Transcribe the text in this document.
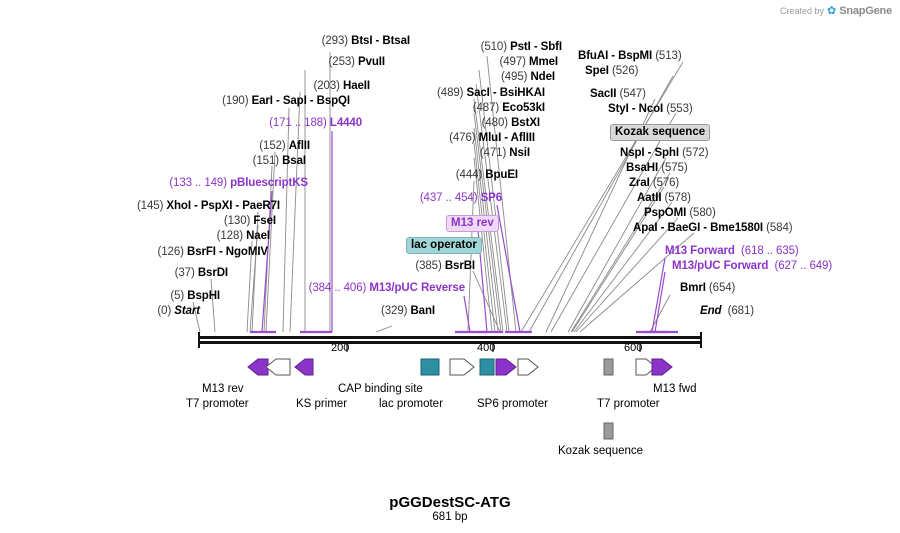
Created by ✿ SnapGene
200	400	600
(293) BtsI - BtsaI
(253) PvuII
(203) HaeII
(190) EarI - SapI - BspQI
(171 .. 188) L4440
(152) AflII
(151) BsaI
(133 .. 149) pBluescriptKS
(145) XhoI - PspXI - PaeR7I
(130) FseI
(128) NaeI
(126) BsrFI - NgoMIV
(37) BsrDI
(5) BspHI
(0) Start
(384 .. 406) M13/pUC Reverse
(329) BanI
(510) PstI - SbfI
(497) MmeI
(495) NdeI
(489) SacI - BsiHKAI
(487) Eco53kI
(480) BstXI
(476) MluI - AflIII
(471) NsiI
(444) BpuEI
(437 .. 454) SP6
(385) BsrBI
M13 rev
lac operator
Kozak sequence
BfuAI - BspMI (513)
SpeI (526)
SacII (547)
StyI - NcoI (553)
NspI - SphI (572)
BsaHI (575)
ZraI (576)
AatII (578)
PspOMI (580)
ApaI - BaeGI - Bme1580I (584)
M13 Forward (618 .. 635)
M13/pUC Forward (627 .. 649)
BmrI (654)
End (681)
M13 rev
T7 promoter	KS primer
CAP binding site
lac promoter	SP6 promoter	T7 promoter
M13 fwd
Kozak sequence
pGGDestSC-ATG
681 bp
